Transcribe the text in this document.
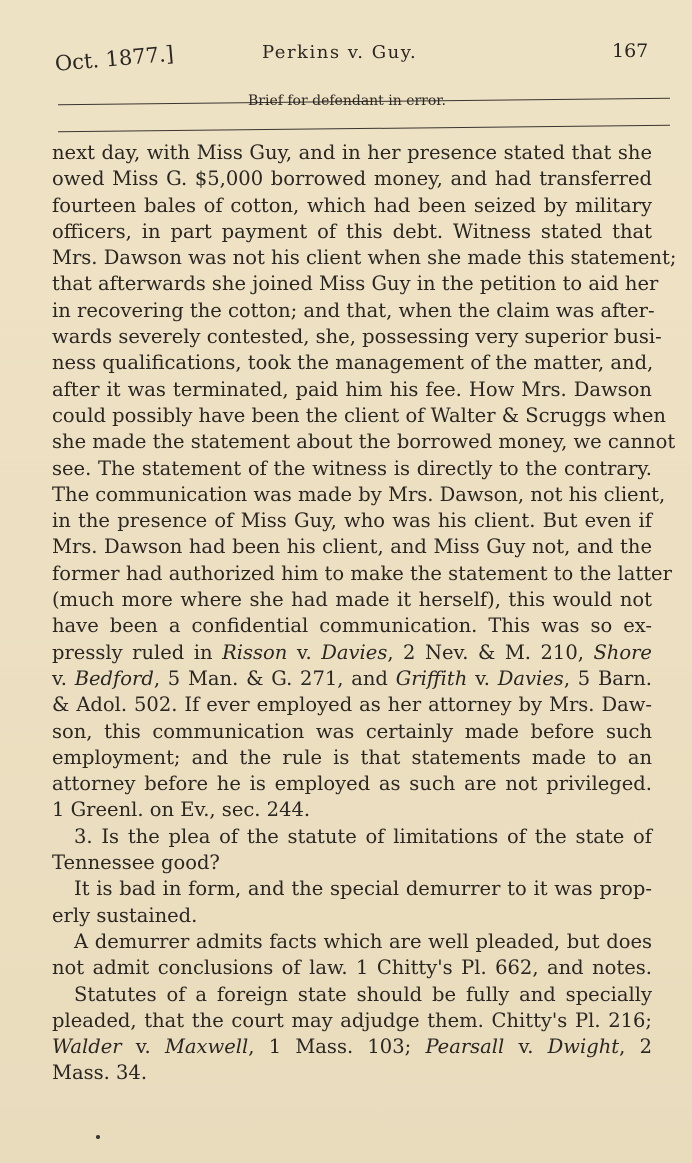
Oct. 1877.]	Perkins v. Guy.	167
Brief for defendant in error.
next day, with Miss Guy, and in her presence stated that she
owed Miss G. $5,000 borrowed money, and had transferred
fourteen bales of cotton, which had been seized by military
officers, in part payment of this debt. Witness stated that
Mrs. Dawson was not his client when she made this statement;
that afterwards she joined Miss Guy in the petition to aid her
in recovering the cotton; and that, when the claim was after-
wards severely contested, she, possessing very superior busi-
ness qualifications, took the management of the matter, and,
after it was terminated, paid him his fee. How Mrs. Dawson
could possibly have been the client of Walter & Scruggs when
she made the statement about the borrowed money, we cannot
see. The statement of the witness is directly to the contrary.
The communication was made by Mrs. Dawson, not his client,
in the presence of Miss Guy, who was his client. But even if
Mrs. Dawson had been his client, and Miss Guy not, and the
former had authorized him to make the statement to the latter
(much more where she had made it herself), this would not
have been a confidential communication. This was so ex-
pressly ruled in Risson v. Davies, 2 Nev. & M. 210, Shore
v. Bedford, 5 Man. & G. 271, and Griffith v. Davies, 5 Barn.
& Adol. 502. If ever employed as her attorney by Mrs. Daw-
son, this communication was certainly made before such
employment; and the rule is that statements made to an
attorney before he is employed as such are not privileged.
1 Greenl. on Ev., sec. 244.
3. Is the plea of the statute of limitations of the state of
Tennessee good?
It is bad in form, and the special demurrer to it was prop-
erly sustained.
A demurrer admits facts which are well pleaded, but does
not admit conclusions of law. 1 Chitty's Pl. 662, and notes.
Statutes of a foreign state should be fully and specially
pleaded, that the court may adjudge them. Chitty's Pl. 216;
Walder v. Maxwell, 1 Mass. 103; Pearsall v. Dwight, 2
Mass. 34.
